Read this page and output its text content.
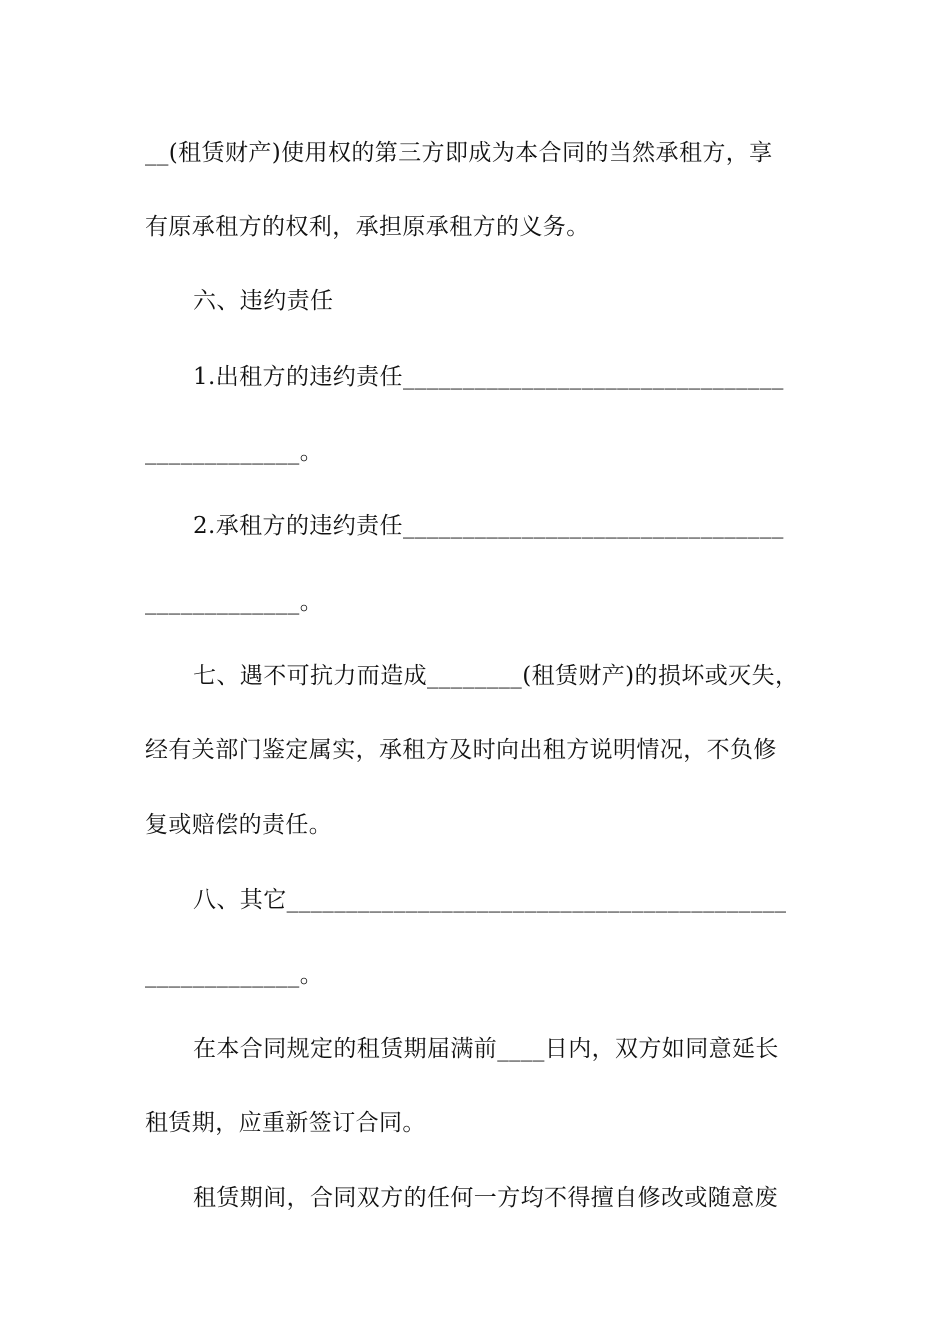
__(租赁财产)使用权的第三方即成为本合同的当然承租方，享
有原承租方的权利，承担原承租方的义务。
六、违约责任
1.出租方的违约责任________________________________
_____________。
2.承租方的违约责任________________________________
_____________。
七、遇不可抗力而造成________(租赁财产)的损坏或灭失，
经有关部门鉴定属实，承租方及时向出租方说明情况，不负修
复或赔偿的责任。
八、其它__________________________________________
_____________。
在本合同规定的租赁期届满前____日内，双方如同意延长
租赁期，应重新签订合同。
租赁期间，合同双方的任何一方均不得擅自修改或随意废
